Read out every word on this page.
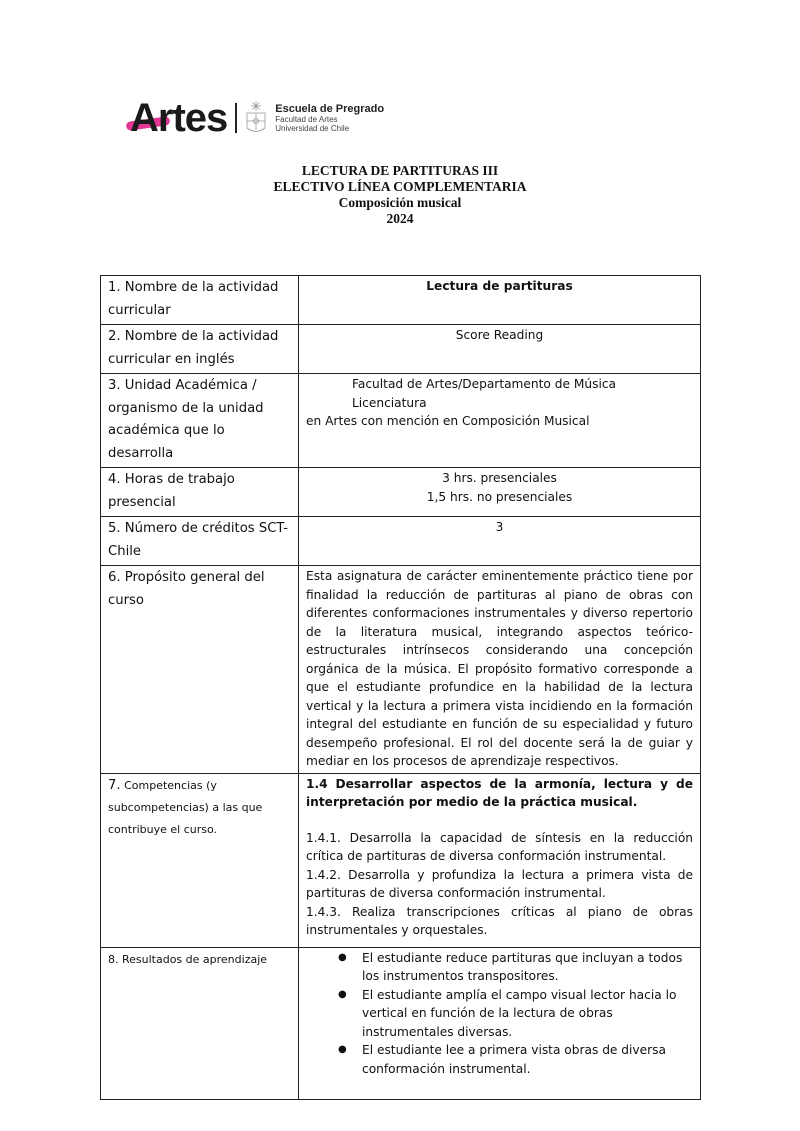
Artes	Escuela de Pregrado
Facultad de Artes
Universidad de Chile
LECTURA DE PARTITURAS III
ELECTIVO LÍNEA COMPLEMENTARIA
Composición musical
2024
1. Nombre de la actividad curricular	Lectura de partituras
2. Nombre de la actividad curricular en inglés	Score Reading
3. Unidad Académica / organismo de la unidad académica que lo desarrolla	Facultad de Artes/Departamento de Música Licenciatura
en Artes con mención en Composición Musical

4. Horas de trabajo presencial	3 hrs. presenciales
1,5 hrs. no presenciales

5. Número de créditos SCT-Chile	3
6. Propósito general del curso	Esta asignatura de carácter eminentemente práctico tiene por finalidad la reducción de partituras al piano de obras con diferentes conformaciones instrumentales y diverso repertorio de la literatura musical, integrando aspectos teórico-estructurales intrínsecos considerando una concepción orgánica de la música. El propósito formativo corresponde a que el estudiante profundice en la habilidad de la lectura vertical y la lectura a primera vista incidiendo en la formación integral del estudiante en función de su especialidad y futuro desempeño profesional. El rol del docente será la de guiar y mediar en los procesos de aprendizaje respectivos.
7. Competencias (y subcompetencias) a las que contribuye el curso.	1.4 Desarrollar aspectos de la armonía, lectura y de interpretación por medio de la práctica musical.
1.4.1. Desarrolla la capacidad de síntesis en la reducción crítica de partituras de diversa conformación instrumental.
1.4.2. Desarrolla y profundiza la lectura a primera vista de partituras de diversa conformación instrumental.
1.4.3. Realiza transcripciones críticas al piano de obras instrumentales y orquestales.

8. Resultados de aprendizaje	● El estudiante reduce partituras que incluyan a todos los instrumentos transpositores.
● El estudiante amplía el campo visual lector hacia lo vertical en función de la lectura de obras instrumentales diversas.
● El estudiante lee a primera vista obras de diversa conformación instrumental.
